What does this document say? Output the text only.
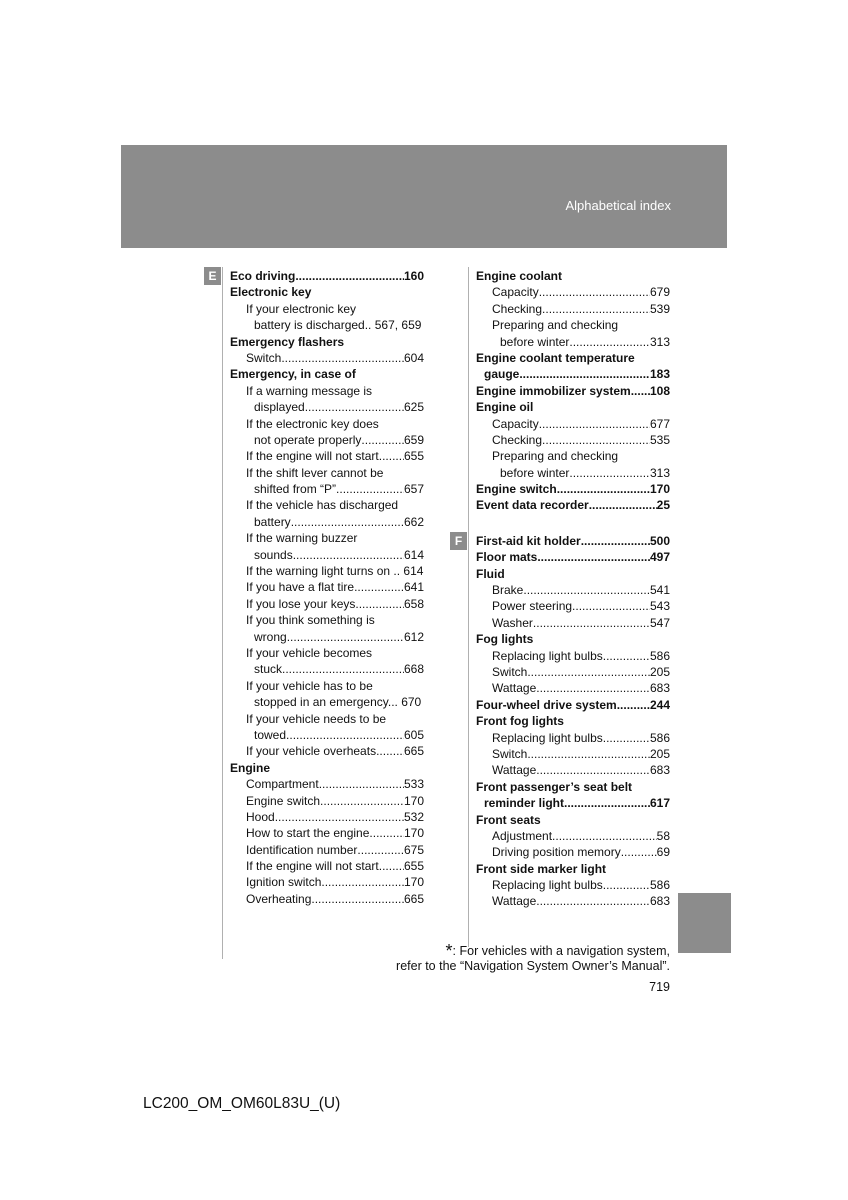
Alphabetical index
E
F
Eco driving .....	160
Electronic key
If your electronic key
battery is discharged.. 567, 659
Emergency flashers
Switch .....	604
Emergency, in case of
If a warning message is
displayed .....	625
If the electronic key does
not operate properly .....	659
If the engine will not start ..... 655
If the shift lever cannot be
shifted from “P” .....	657
If the vehicle has discharged
battery .....	662
If the warning buzzer
sounds .....	614
If the warning light turns on .. 614
If you have a flat tire .....	641
If you lose your keys .....	658
If you think something is
wrong .....	612
If your vehicle becomes
stuck .....	668
If your vehicle has to be
stopped in an emergency... 670
If your vehicle needs to be
towed .....	605
If your vehicle overheats ..... 665
Engine
Compartment .....	533
Engine switch .....	170
Hood .....	532
How to start the engine .....	170
Identification number .....	675
If the engine will not start ..... 655
Ignition switch .....	170
Overheating .....	665
Engine coolant
Capacity .....	679
Checking .....	539
Preparing and checking
before winter .....	313
Engine coolant temperature
gauge .....	183
Engine immobilizer system ..... 108
Engine oil
Capacity .....	677
Checking .....	535
Preparing and checking
before winter .....	313
Engine switch .....	170
Event data recorder .....	25
First-aid kit holder .....	500
Floor mats .....	497
Fluid
Brake .....	541
Power steering .....	543
Washer .....	547
Fog lights
Replacing light bulbs .....	586
Switch .....	205
Wattage .....	683
Four-wheel drive system .....	244
Front fog lights
Replacing light bulbs .....	586
Switch .....	205
Wattage .....	683
Front passenger’s seat belt
reminder light .....	617
Front seats
Adjustment .....	58
Driving position memory .....	69
Front side marker light
Replacing light bulbs .....	586
Wattage .....	683
*: For vehicles with a navigation system,
refer to the “Navigation System Owner’s Manual”.
719
LC200_OM_OM60L83U_(U)
